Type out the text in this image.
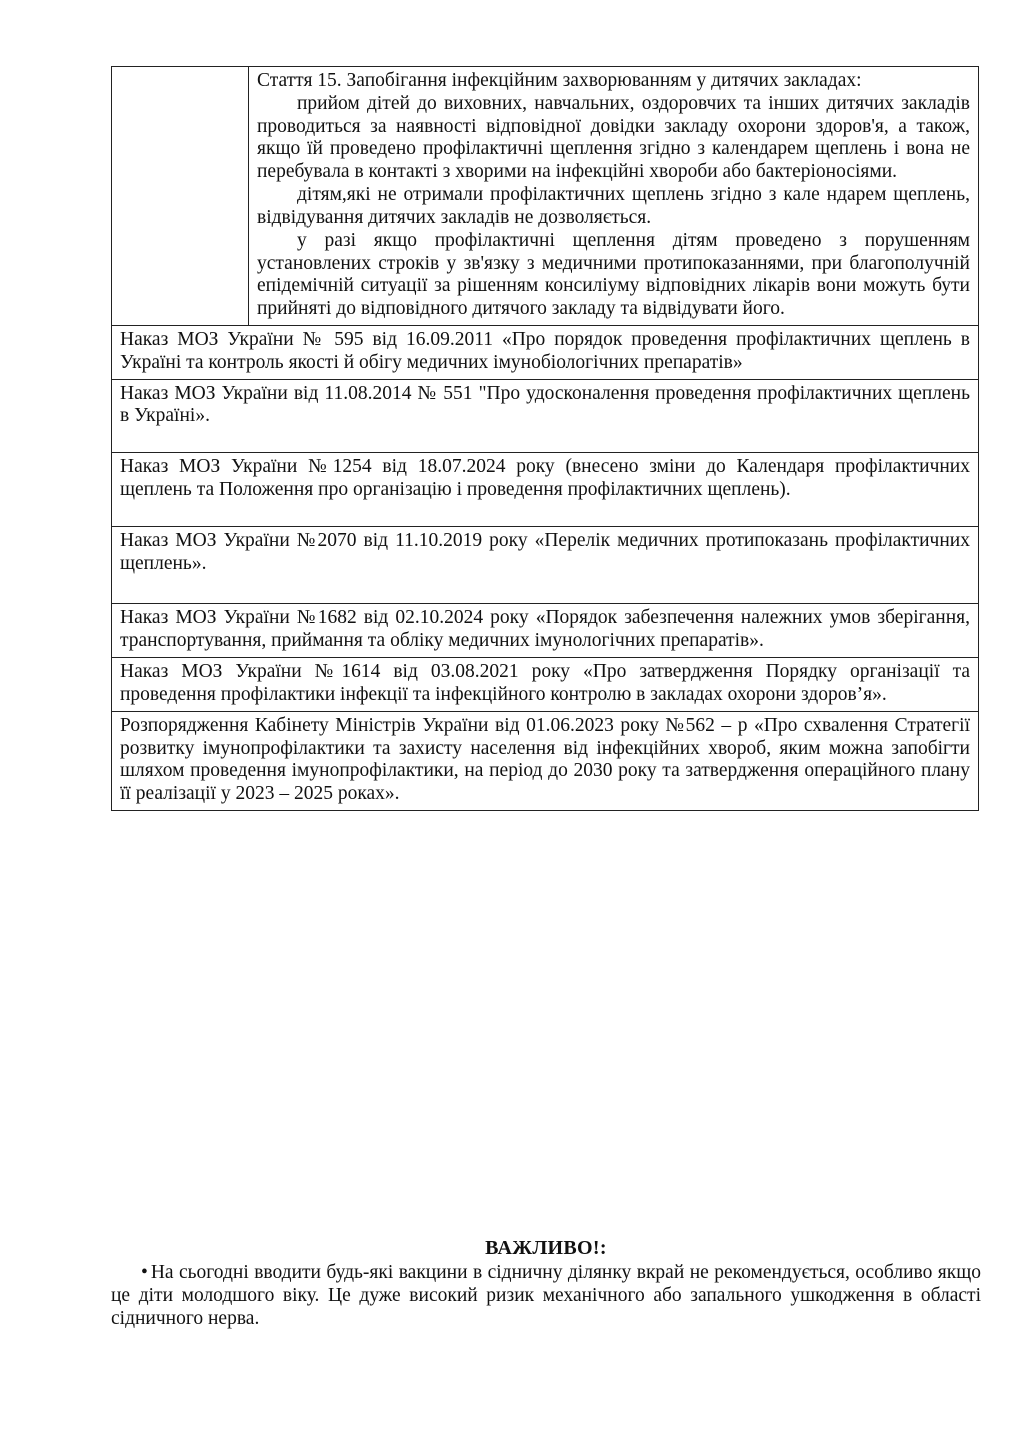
Стаття 15. Запобігання інфекційним захворюванням у дитячих закладах:

прийом дітей до виховних, навчальних, оздоровчих та інших дитячих закладів проводиться за наявності відповідної довідки закладу охорони здоров'я, а також, якщо їй проведено профілактичні щеплення згідно з календарем щеплень і вона не перебувала в контакті з хворими на інфекційні хвороби або бактеріоносіями.

дітям,які не отримали профілактичних щеплень згідно з кале ндарем щеплень, відвідування дитячих закладів не дозволяється.

у разі якщо профілактичні щеплення дітям проведено з порушенням установлених строків у зв'язку з медичними протипоказаннями, при благополучній епідемічній ситуації за рішенням консиліуму відповідних лікарів вони можуть бути прийняті до відповідного дитячого закладу та відвідувати його.

Наказ МОЗ України № 595 від 16.09.2011 «Про порядок проведення профілактичних щеплень в Україні та контроль якості й обігу медичних імунобіологічних препаратів»
Наказ МОЗ України від 11.08.2014 № 551 "Про удосконалення проведення профілактичних щеплень в Україні».
Наказ МОЗ України №1254 від 18.07.2024 року (внесено зміни до Календаря профілактичних щеплень та Положення про організацію і проведення профілактичних щеплень).
Наказ МОЗ України №2070 від 11.10.2019 року «Перелік медичних протипоказань профілактичних щеплень».
Наказ МОЗ України №1682 від 02.10.2024 року «Порядок забезпечення належних умов зберігання, транспортування, приймання та обліку медичних імунологічних препаратів».
Наказ МОЗ України №1614 від 03.08.2021 року «Про затвердження Порядку організації та проведення профілактики інфекції та інфекційного контролю в закладах охорони здоров’я».
Розпорядження Кабінету Міністрів України від 01.06.2023 року №562 – р «Про схвалення Стратегії розвитку імунопрофілактики та захисту населення від інфекційних хвороб, яким можна запобігти шляхом проведення імунопрофілактики, на період до 2030 року та затвердження операційного плану її реалізації у 2023 – 2025 роках».

ВАЖЛИВО!:

• На сьогодні вводити будь-які вакцини в сідничну ділянку вкрай не рекомендується, особливо якщо це діти молодшого віку. Це дуже високий ризик механічного або запального ушкодження в області сідничного нерва.
